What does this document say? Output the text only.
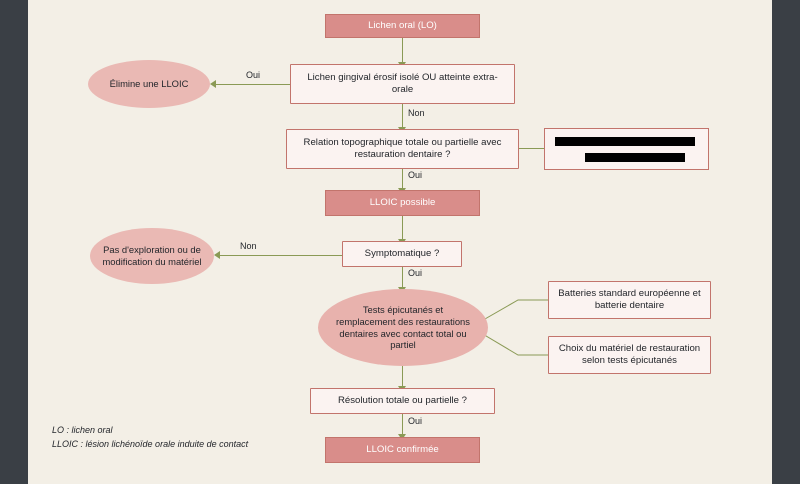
Oui
Non
Oui
Non
Oui
Oui
Lichen oral (LO)
Lichen gingival érosif isolé OU atteinte extra-orale
Élimine une LLOIC
Relation topographique totale ou partielle avec restauration dentaire ?
LLOIC possible
Symptomatique ?
Pas d'exploration ou de modification du matériel
Tests épicutanés et remplacement des restaurations dentaires avec contact total ou partiel
Batteries standard européenne et batterie dentaire
Choix du matériel de restauration selon tests épicutanés
Résolution totale ou partielle ?
LLOIC confirmée
LO : lichen oral
LLOIC : lésion lichénoïde orale induite de contact
